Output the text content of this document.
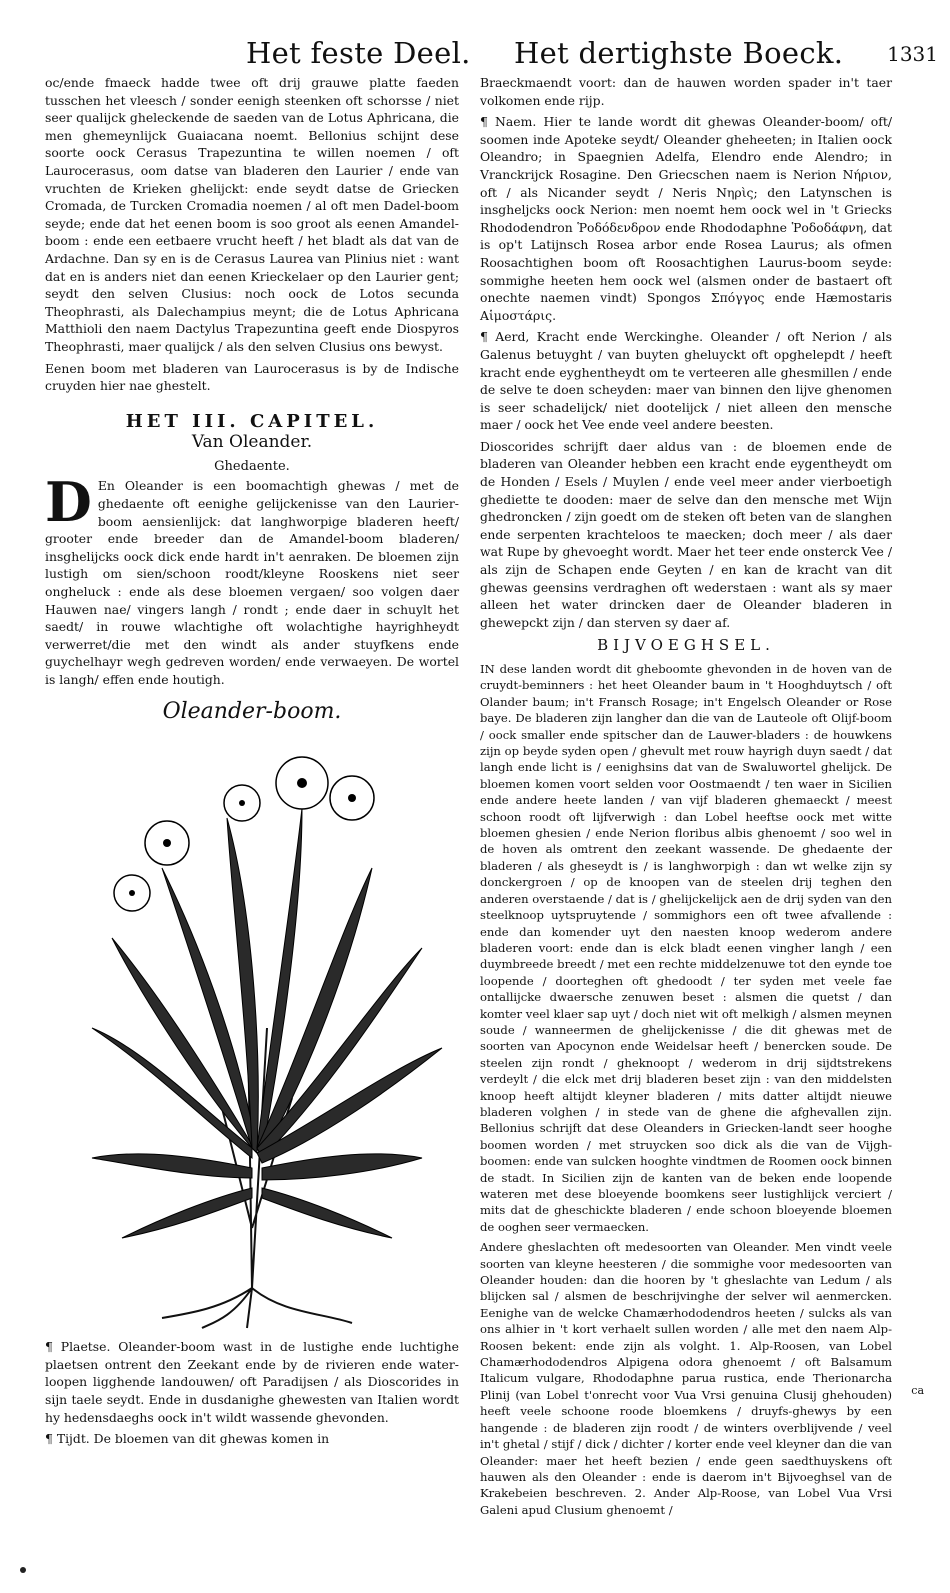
Het feste Deel. Het dertighste Boeck. 1331

oc/ende fmaeck hadde twee oft drij grauwe platte faeden tusschen het vleesch / sonder eenigh steenken oft schorsse / niet seer qualijck gheleckende de saeden van de Lotus Aphricana, die men ghemeynlijck Guaiacana noemt. Bellonius schijnt dese soorte oock Cerasus Trapezuntina te willen noemen / oft Laurocerasus, oom datse van bladeren den Laurier / ende van vruchten de Krieken ghelijckt: ende seydt datse de Griecken Cromada, de Turcken Cromadia noemen / al oft men Dadel-boom seyde; ende dat het eenen boom is soo groot als eenen Amandel-boom : ende een eetbaere vrucht heeft / het bladt als dat van de Ardachne. Dan sy en is de Cerasus Laurea van Plinius niet : want dat en is anders niet dan eenen Krieckelaer op den Laurier gent; seydt den selven Clusius: noch oock de Lotos secunda Theophrasti, als Dalechampius meynt; die de Lotus Aphricana Matthioli den naem Dactylus Trapezuntina geeft ende Diospyros Theophrasti, maer qualijck / als den selven Clusius ons bewyst.

Eenen boom met bladeren van Laurocerasus is by de Indische cruyden hier nae ghestelt.

HET III. CAPITEL.
Van Oleander.
Ghedaente.

D En Oleander is een boomachtigh ghewas / met de ghedaente oft eenighe gelijckenisse van den Laurier-boom aensienlijck: dat langhworpige bladeren heeft/ grooter ende breeder dan de Amandel-boom bladeren/ insghelijcks oock dick ende hardt in't aenraken. De bloemen zijn lustigh om sien/schoon roodt/kleyne Rooskens niet seer ongheluck : ende als dese bloemen vergaen/ soo volgen daer Hauwen nae/ vingers langh / rondt ; ende daer in schuylt het saedt/ in rouwe wlachtighe oft wolachtighe hayrighheydt verwerret/die met den windt als ander stuyfkens ende guychelhayr wegh gedreven worden/ ende verwaeyen. De wortel is langh/ effen ende houtigh.

Oleander-boom.

¶ Plaetse. Oleander-boom wast in de lustighe ende luchtighe plaetsen ontrent den Zeekant ende by de rivieren ende water-loopen ligghende landouwen/ oft Paradijsen / als Dioscorides in sijn taele seydt. Ende in dusdanighe ghewesten van Italien wordt hy hedensdaeghs oock in't wildt wassende ghevonden.

¶ Tijdt. De bloemen van dit ghewas komen in

Braeckmaendt voort: dan de hauwen worden spader in't taer volkomen ende rijp.

¶ Naem. Hier te lande wordt dit ghewas Oleander-boom/ oft/ soomen inde Apoteke seydt/ Oleander gheheeten; in Italien oock Oleandro; in Spaegnien Adelfa, Elendro ende Alendro; in Vranckrijck Rosagine. Den Griecschen naem is Nerion Νήριον, oft / als Nicander seydt / Neris Νηρὶς; den Latynschen is insgheljcks oock Nerion: men noemt hem oock wel in 't Griecks Rhododendron Ῥοδόδενδρον ende Rhododaphne Ῥοδοδάφνη, dat is op't Latijnsch Rosea arbor ende Rosea Laurus; als ofmen Roosachtighen boom oft Roosachtighen Laurus-boom seyde: sommighe heeten hem oock wel (alsmen onder de bastaert oft onechte naemen vindt) Spongos Σπόγγος ende Hæmostaris Αἱμοστάρις.

¶ Aerd, Kracht ende Werckinghe. Oleander / oft Nerion / als Galenus betuyght / van buyten gheluyckt oft opghelepdt / heeft kracht ende eyghentheydt om te verteeren alle ghesmillen / ende de selve te doen scheyden: maer van binnen den lijve ghenomen is seer schadelijck/ niet dootelijck / niet alleen den mensche maer / oock het Vee ende veel andere beesten.

Dioscorides schrijft daer aldus van : de bloemen ende de bladeren van Oleander hebben een kracht ende eygentheydt om de Honden / Esels / Muylen / ende veel meer ander vierboetigh ghediette te dooden: maer de selve dan den mensche met Wijn ghedroncken / zijn goedt om de steken oft beten van de slanghen ende serpenten krachteloos te maecken; doch meer / als daer wat Rupe by ghevoeght wordt. Maer het teer ende onsterck Vee / als zijn de Schapen ende Geyten / en kan de kracht van dit ghewas geensins verdraghen oft wederstaen : want als sy maer alleen het water drincken daer de Oleander bladeren in ghewepckt zijn / dan sterven sy daer af.

BIJVOEGHSEL.

IN dese landen wordt dit gheboomte ghevonden in de hoven van de cruydt-beminners : het heet Oleander baum in 't Hooghduytsch / oft Olander baum; in't Fransch Rosage; in't Engelsch Oleander or Rose baye. De bladeren zijn langher dan die van de Lauteole oft Olijf-boom / oock smaller ende spitscher dan de Lauwer-bladers : de houwkens zijn op beyde syden open / ghevult met rouw hayrigh duyn saedt / dat langh ende licht is / eenighsins dat van de Swaluwortel ghelijck. De bloemen komen voort selden voor Oostmaendt / ten waer in Sicilien ende andere heete landen / van vijf bladeren ghemaeckt / meest schoon roodt oft lijfverwigh : dan Lobel heeftse oock met witte bloemen ghesien / ende Nerion floribus albis ghenoemt / soo wel in de hoven als omtrent den zeekant wassende. De ghedaente der bladeren / als gheseydt is / is langhworpigh : dan wt welke zijn sy donckergroen / op de knoopen van de steelen drij teghen den anderen overstaende / dat is / ghelijckelijck aen de drij syden van den steelknoop uytspruytende / sommighors een oft twee afvallende : ende dan komender uyt den naesten knoop wederom andere bladeren voort: ende dan is elck bladt eenen vingher langh / een duymbreede breedt / met een rechte middelzenuwe tot den eynde toe loopende / doorteghen oft ghedoodt / ter syden met veele fae ontallijcke dwaersche zenuwen beset : alsmen die quetst / dan komter veel klaer sap uyt / doch niet wit oft melkigh / alsmen meynen soude / wanneermen de ghelijckenisse / die dit ghewas met de soorten van Apocynon ende Weidelsar heeft / benercken soude. De steelen zijn rondt / gheknoopt / wederom in drij sijdtstrekens verdeylt / die elck met drij bladeren beset zijn : van den middelsten knoop heeft altijdt kleyner bladeren / mits datter altijdt nieuwe bladeren volghen / in stede van de ghene die afghevallen zijn. Bellonius schrijft dat dese Oleanders in Griecken-landt seer hooghe boomen worden / met struycken soo dick als die van de Vijgh-boomen: ende van sulcken hooghte vindtmen de Roomen oock binnen de stadt. In Sicilien zijn de kanten van de beken ende loopende wateren met dese bloeyende boomkens seer lustighlijck verciert / mits dat de gheschickte bladeren / ende schoon bloeyende bloemen de ooghen seer vermaecken.

Andere gheslachten oft medesoorten van Oleander. Men vindt veele soorten van kleyne heesteren / die sommighe voor medesoorten van Oleander houden: dan die hooren by 't gheslachte van Ledum / als blijcken sal / alsmen de beschrijvinghe der selver wil aenmercken. Eenighe van de welcke Chamærhododendros heeten / sulcks als van ons alhier in 't kort verhaelt sullen worden / alle met den naem Alp-Roosen bekent: ende zijn als volght. 1. Alp-Roosen, van Lobel Chamærhododendros Alpigena odora ghenoemt / oft Balsamum Italicum vulgare, Rhododaphne parua rustica, ende Therionarcha Plinij (van Lobel t'onrecht voor Vua Vrsi genuina Clusij ghehouden) heeft veele schoone roode bloemkens / druyfs-ghewys by een hangende : de bladeren zijn roodt / de winters overblijvende / veel in't ghetal / stijf / dick / dichter / korter ende veel kleyner dan die van Oleander: maer het heeft bezien / ende geen saedthuyskens oft hauwen als den Oleander : ende is daerom in't Bijvoeghsel van de Krakebeien beschreven. 2. Ander Alp-Roose, van Lobel Vua Vrsi Galeni apud Clusium ghenoemt /

ca
